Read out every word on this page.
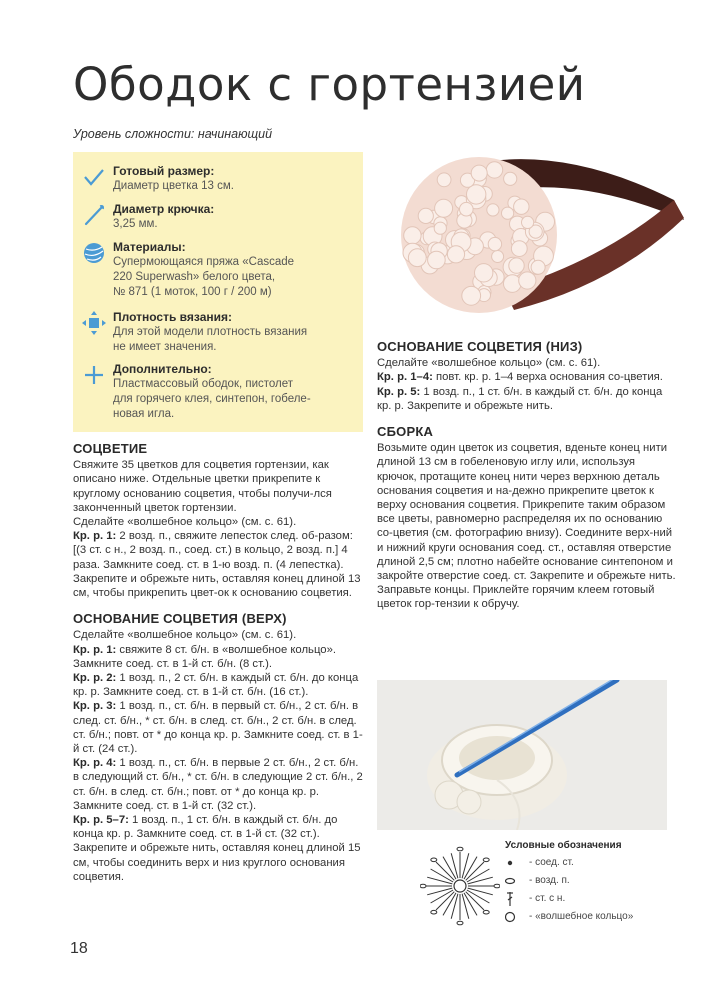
Ободок с гортензией
Уровень сложности: начинающий
Готовый размер:
Диаметр цветка 13 см.
Диаметр крючка:
3,25 мм.
Материалы:
Супермоющаяся пряжа «Cascade
220 Superwash» белого цвета,
№ 871 (1 моток, 100 г / 200 м)
Плотность вязания:
Для этой модели плотность вязания
не имеет значения.
Дополнительно:
Пластмассовый ободок, пистолет
для горячего клея, синтепон, гобеле-
новая игла.
СОЦВЕТИЕ

Свяжите 35 цветков для соцветия гортензии, как описано ниже. Отдельные цветки прикрепите к круглому основанию соцветия, чтобы получи-лся законченный цветок гортензии.

Сделайте «волшебное кольцо» (см. с. 61).

Кр. р. 1: 2 возд. п., свяжите лепесток след. об-разом: [(3 ст. с н., 2 возд. п., соед. ст.) в кольцо, 2 возд. п.] 4 раза. Замкните соед. ст. в 1-ю возд. п. (4 лепестка). Закрепите и обрежьте нить, оставляя конец длиной 13 см, чтобы прикрепить цвет-ок к основанию соцветия.

ОСНОВАНИЕ СОЦВЕТИЯ (ВЕРХ)

Сделайте «волшебное кольцо» (см. с. 61).

Кр. р. 1: свяжите 8 ст. б/н. в «волшебное кольцо». Замкните соед. ст. в 1-й ст. б/н. (8 ст.).

Кр. р. 2: 1 возд. п., 2 ст. б/н. в каждый ст. б/н. до конца кр. р. Замкните соед. ст. в 1-й ст. б/н. (16 ст.).

Кр. р. 3: 1 возд. п., ст. б/н. в первый ст. б/н., 2 ст. б/н. в след. ст. б/н., * ст. б/н. в след. ст. б/н., 2 ст. б/н. в след. ст. б/н.; повт. от * до конца кр. р. Замкните соед. ст. в 1-й ст. (24 ст.).

Кр. р. 4: 1 возд. п., ст. б/н. в первые 2 ст. б/н., 2 ст. б/н. в следующий ст. б/н., * ст. б/н. в следующие 2 ст. б/н., 2 ст. б/н. в след. ст. б/н.; повт. от * до конца кр. р. Замкните соед. ст. в 1-й ст. (32 ст.).

Кр. р. 5–7: 1 возд. п., 1 ст. б/н. в каждый ст. б/н. до конца кр. р. Замкните соед. ст. в 1-й ст. (32 ст.). Закрепите и обрежьте нить, оставляя конец длиной 15 см, чтобы соединить верх и низ круглого основания соцветия.

ОСНОВАНИЕ СОЦВЕТИЯ (НИЗ)

Сделайте «волшебное кольцо» (см. с. 61).

Кр. р. 1–4: повт. кр. р. 1–4 верха основания со-цветия.

Кр. р. 5: 1 возд. п., 1 ст. б/н. в каждый ст. б/н. до конца кр. р. Закрепите и обрежьте нить.

СБОРКА

Возьмите один цветок из соцветия, вденьте конец нити длиной 13 см в гобеленовую иглу или, используя крючок, протащите конец нити через верхнюю деталь основания соцветия и на-дежно прикрепите цветок к верху основания соцветия. Прикрепите таким образом все цветы, равномерно распределяя их по основанию со-цветия (см. фотографию внизу). Соедините верх-ний и нижний круги основания соед. ст., оставляя отверстие длиной 2,5 см; плотно набейте основание синтепоном и закройте отверстие соед. ст. Закрепите и обрежьте нить. Заправьте концы. Приклейте горячим клеем готовый цветок гор-тензии к обручу.

Условные обозначения
- соед. ст.
- возд. п.
- ст. с н.
- «волшебное кольцо»
18
